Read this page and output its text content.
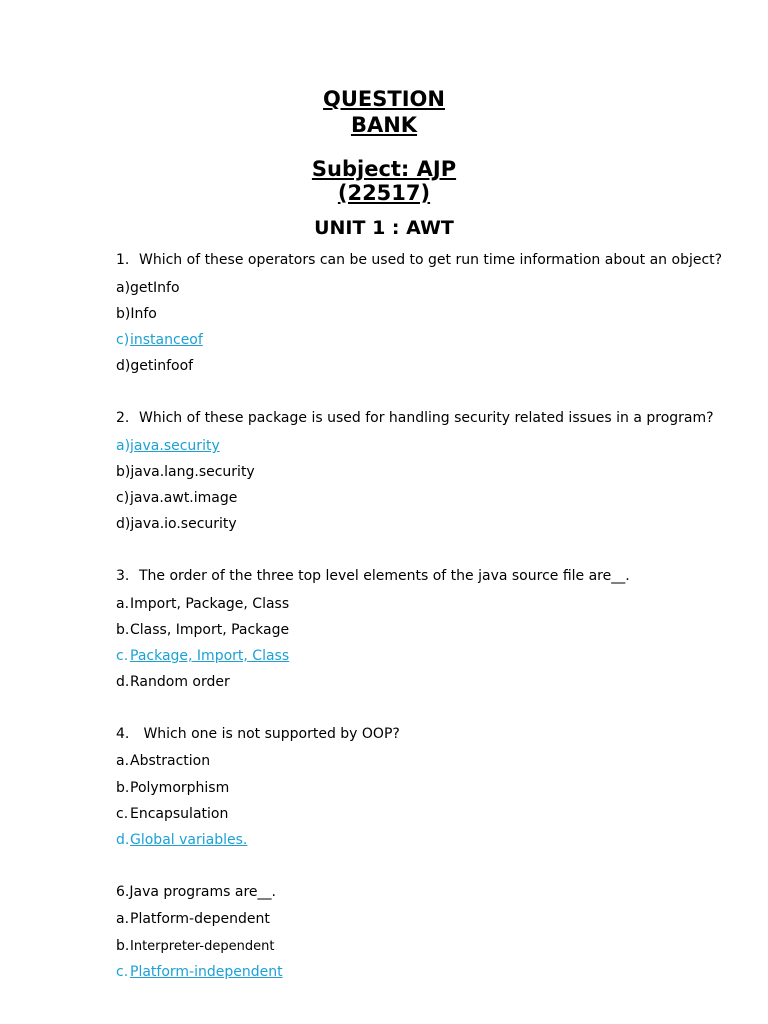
QUESTION
BANK
Subject: AJP
(22517)
UNIT 1 : AWT
1. Which of these operators can be used to get run time information about an object?
a)getInfo
b)Info
c)instanceof
d)getinfoof
2. Which of these package is used for handling security related issues in a program?
a)java.security
b)java.lang.security
c)java.awt.image
d)java.io.security
3. The order of the three top level elements of the java source file are__.
a.Import, Package, Class
b.Class, Import, Package
c. Package, Import, Class
d.Random order
4. Which one is not supported by OOP?
a.Abstraction
b.Polymorphism
c. Encapsulation
d.Global variables.
6.Java programs are__.
a.Platform-dependent
b.Interpreter-dependent
c. Platform-independent
